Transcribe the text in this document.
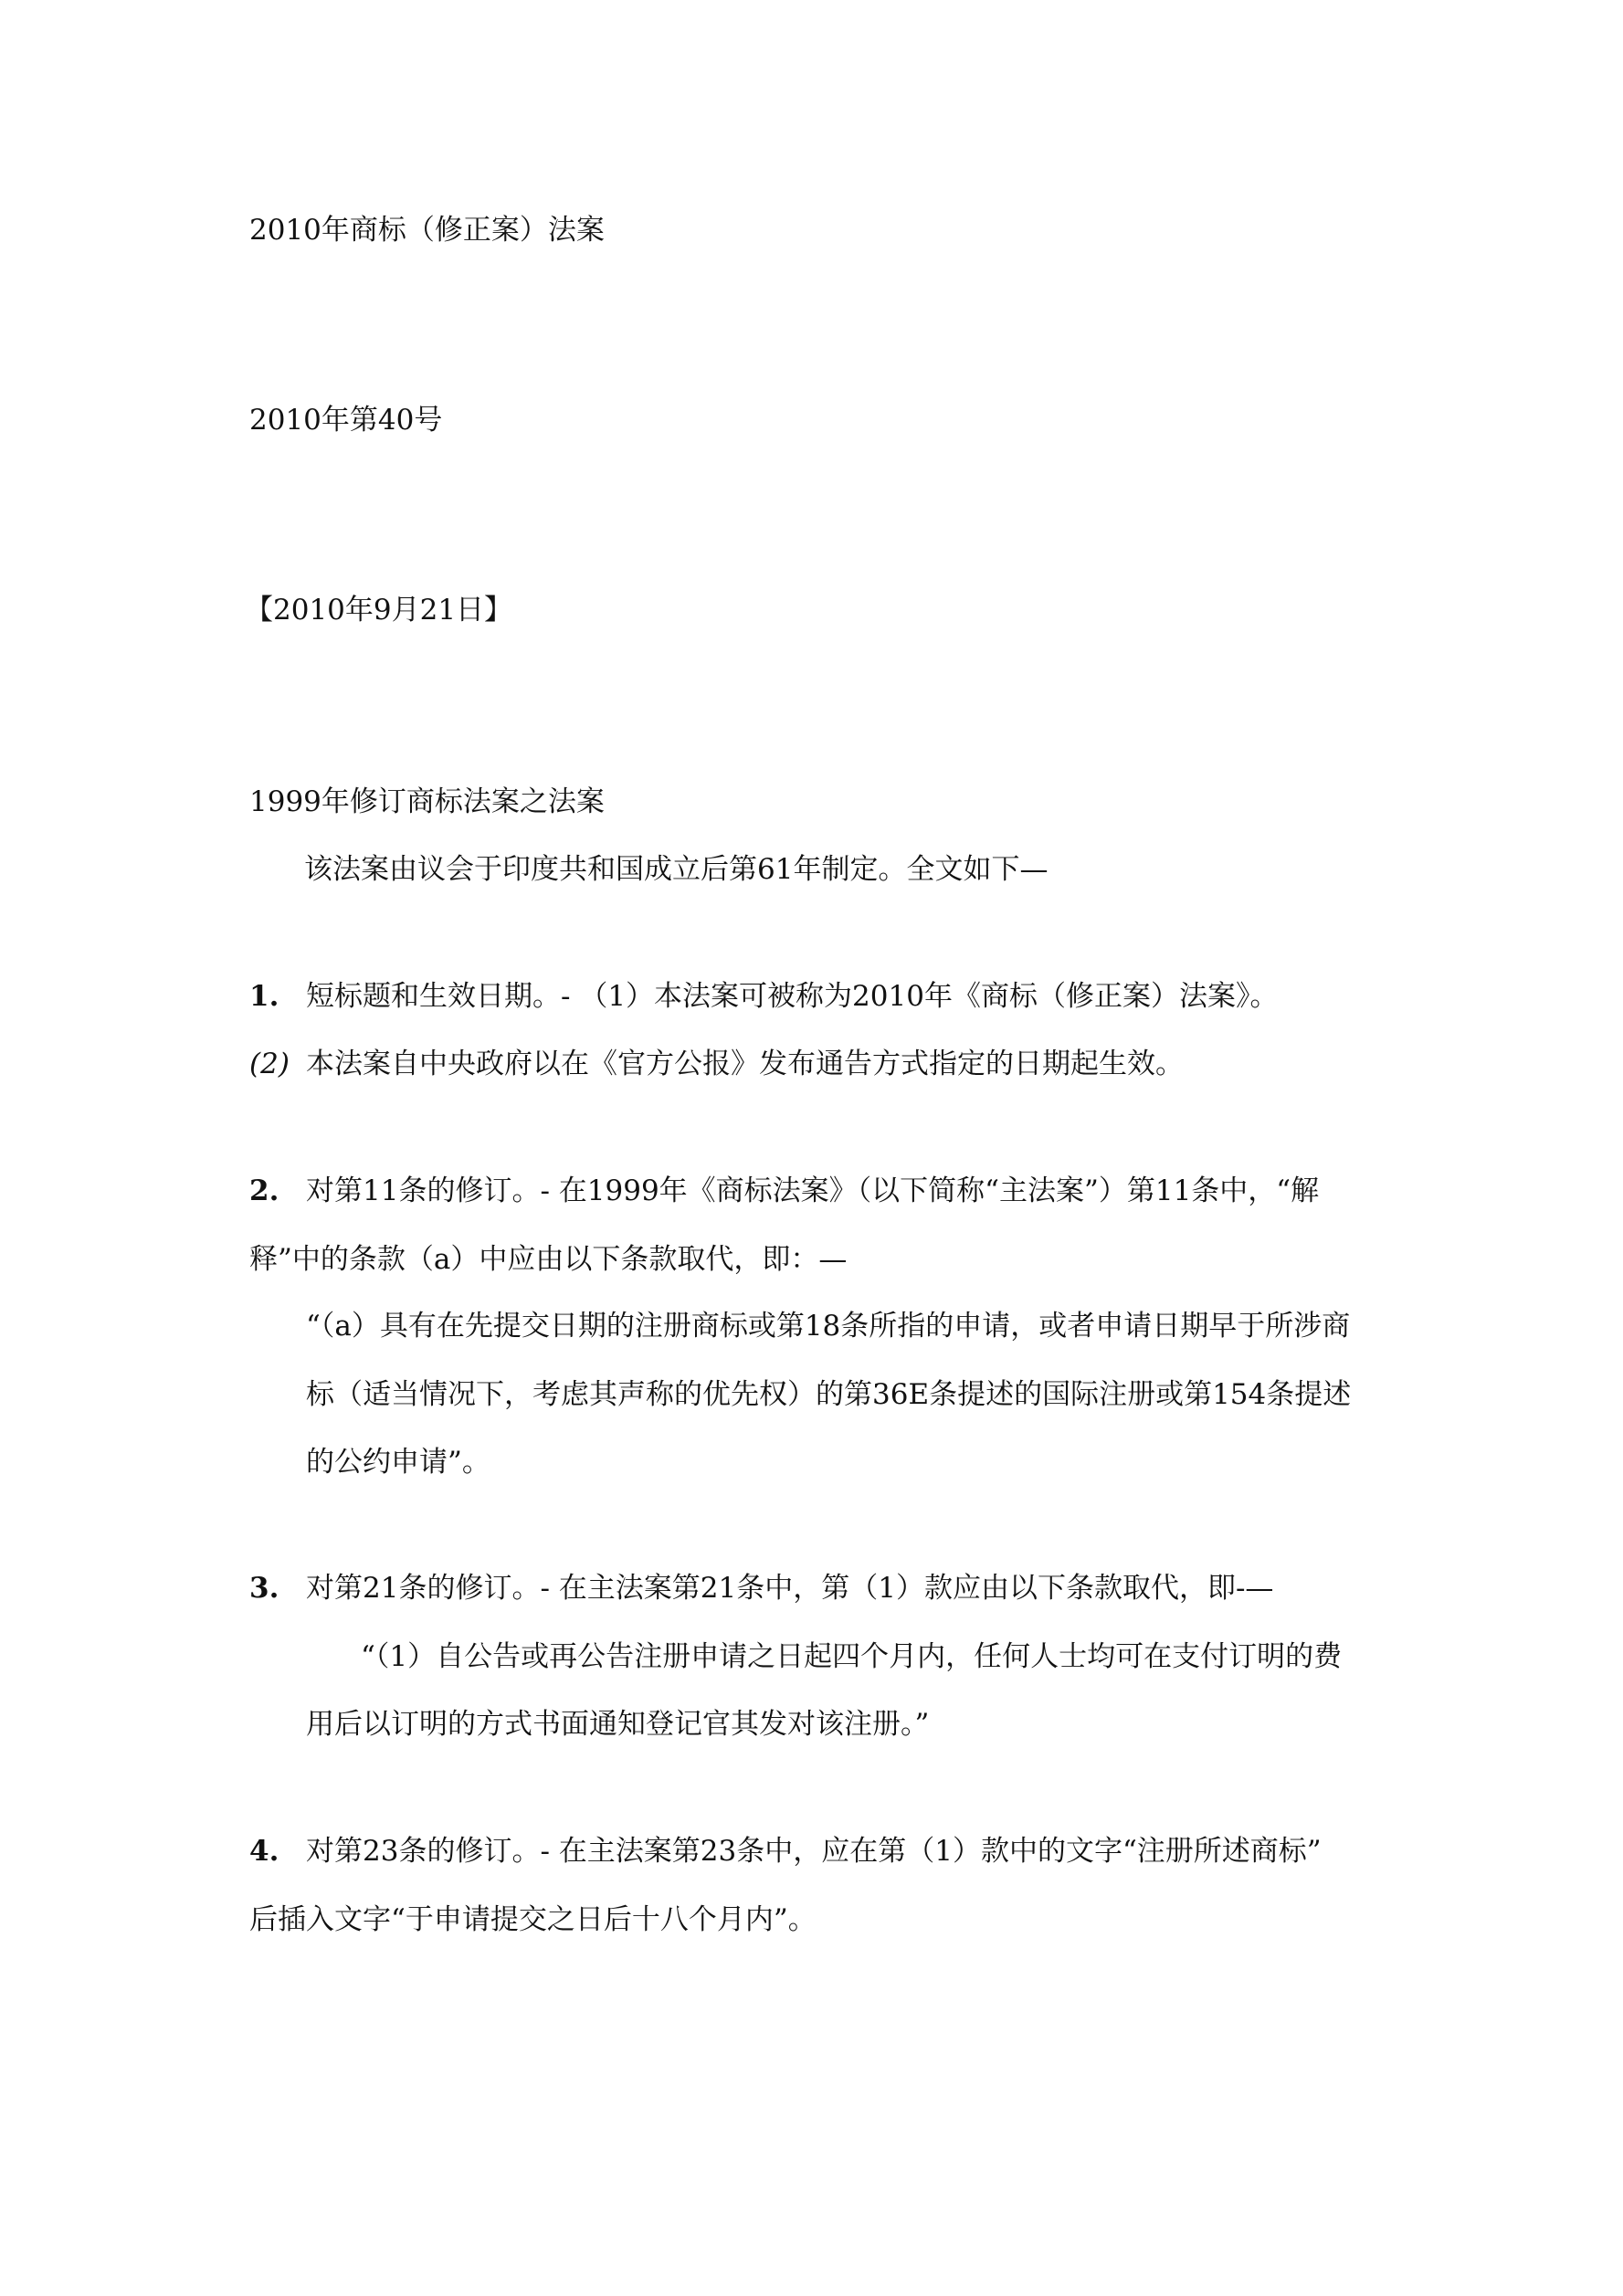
2010年商标（修正案）法案
2010年第40号
【2010年9月21日】
1999年修订商标法案之法案
该法案由议会于印度共和国成立后第61年制定。全文如下—
1. 短标题和生效日期。- （1）本法案可被称为2010年《商标（修正案）法案》。
(2) 本法案自中央政府以在《官方公报》发布通告方式指定的日期起生效。
2. 对第11条的修订。- 在1999年《商标法案》（以下简称“主法案”）第11条中，“解
释”中的条款（a）中应由以下条款取代，即：—
“（a）具有在先提交日期的注册商标或第18条所指的申请，或者申请日期早于所涉商
标（适当情况下，考虑其声称的优先权）的第36E条提述的国际注册或第154条提述
的公约申请”。
3. 对第21条的修订。- 在主法案第21条中，第（1）款应由以下条款取代，即-—
“（1）自公告或再公告注册申请之日起四个月内，任何人士均可在支付订明的费
用后以订明的方式书面通知登记官其发对该注册。”
4. 对第23条的修订。- 在主法案第23条中，应在第（1）款中的文字“注册所述商标”
后插入文字“于申请提交之日后十八个月内”。
